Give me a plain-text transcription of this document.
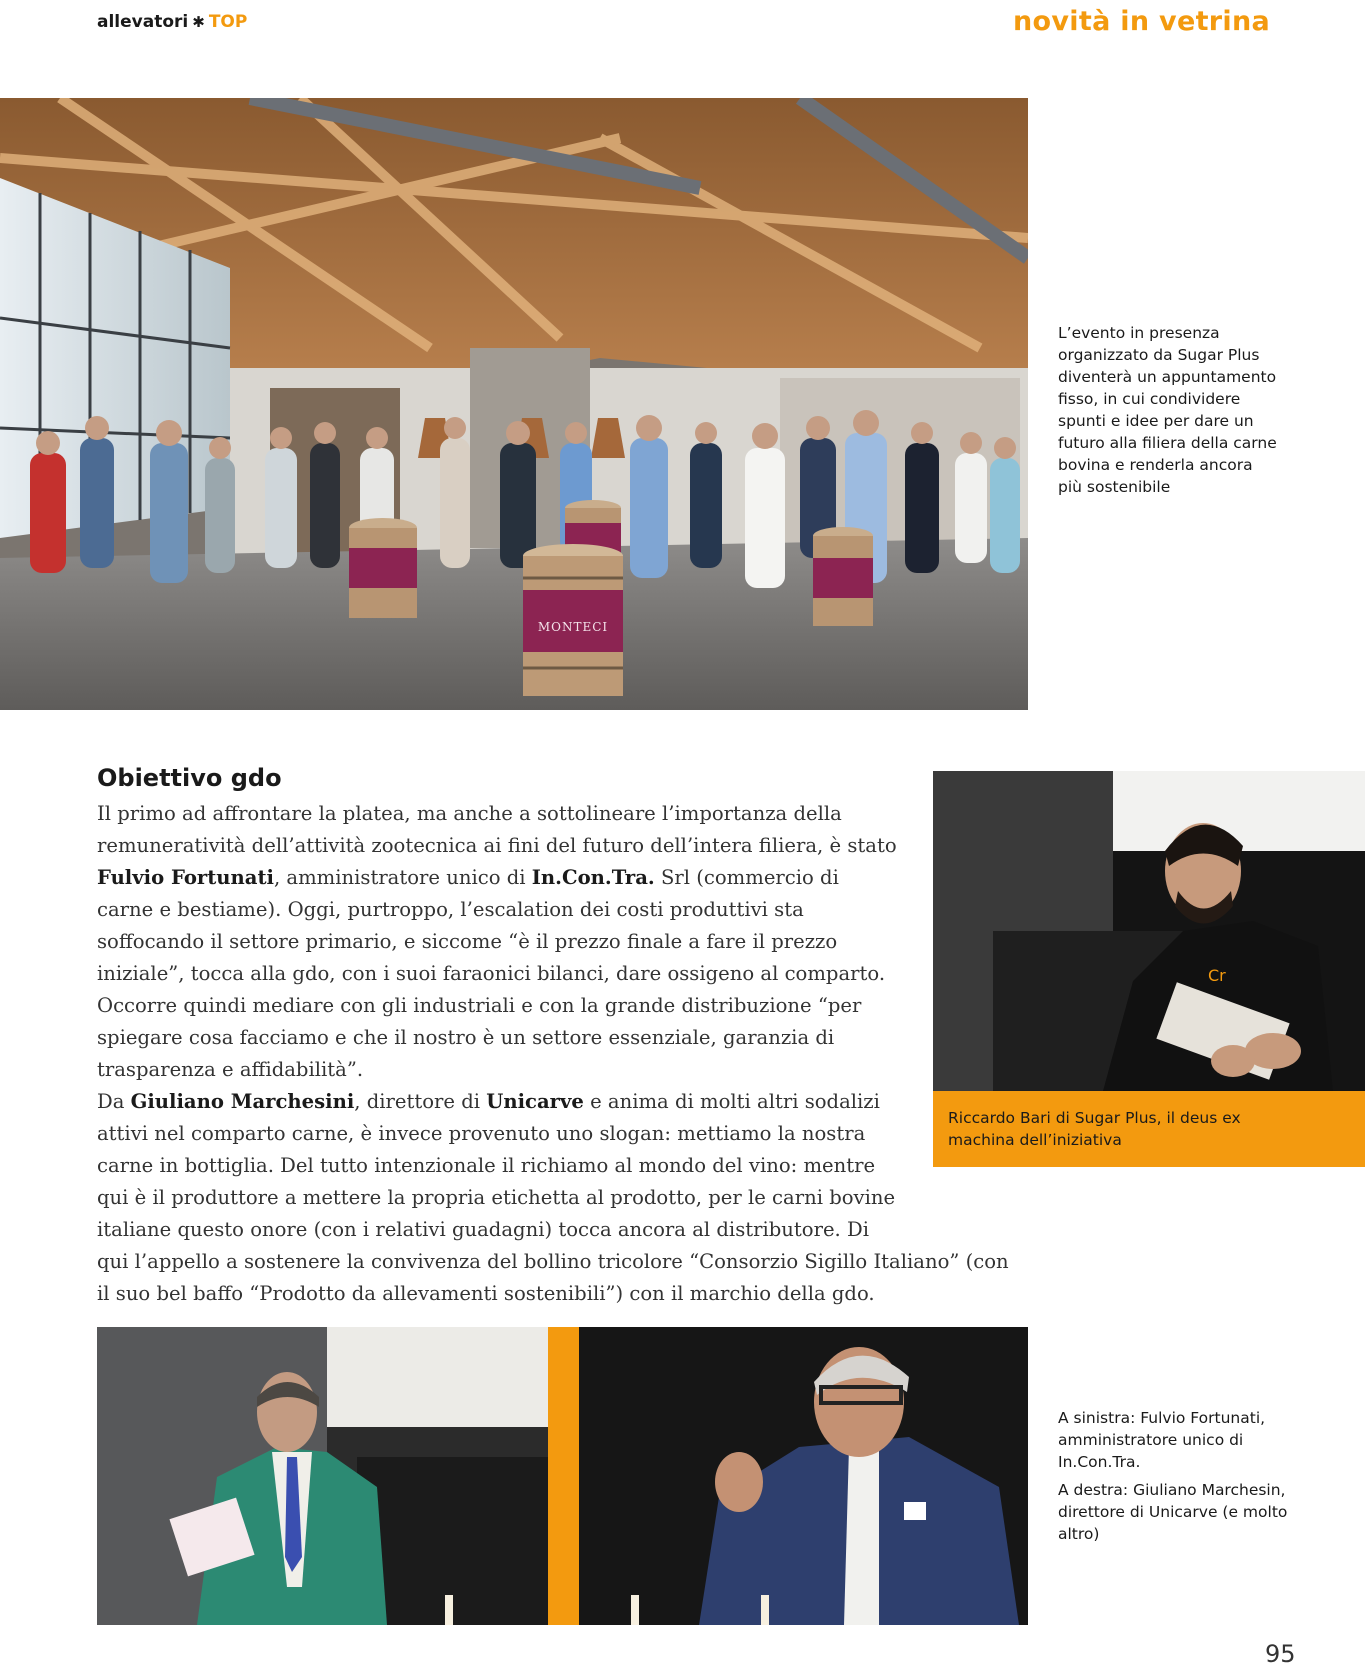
allevatori ✱ TOP	novità in vetrina
MONTECI
L’evento in presenza organizzato da Sugar Plus diventerà un appuntamento fisso, in cui condividere spunti e idee per dare un futuro alla filiera della carne bovina e renderla ancora più sostenibile
Obiettivo gdo
Il primo ad affrontare la platea, ma anche a sottolineare l’importanza della remuneratività dell’attività zootecnica ai fini del futuro dell’intera filiera, è stato Fulvio Fortunati, amministratore unico di In.Con.Tra. Srl (commercio di carne e bestiame). Oggi, purtroppo, l’escalation dei costi produttivi sta soffocando il settore primario, e siccome “è il prezzo finale a fare il prezzo iniziale”, tocca alla gdo, con i suoi faraonici bilanci, dare ossigeno al comparto. Occorre quindi mediare con gli industriali e con la grande distribuzione “per spiegare cosa facciamo e che il nostro è un settore essenziale, garanzia di trasparenza e affidabilità”.
Da Giuliano Marchesini, direttore di Unicarve e anima di molti altri sodalizi attivi nel comparto carne, è invece provenuto uno slogan: mettiamo la nostra carne in bottiglia. Del tutto intenzionale il richiamo al mondo del vino: mentre qui è il produttore a mettere la propria etichetta al prodotto, per le carni bovine italiane questo onore (con i relativi guadagni) tocca ancora al distributore. Di qui l’appello a sostenere la convivenza del bollino tricolore “Consorzio Sigillo Italiano” (con il suo bel baffo “Prodotto da allevamenti sostenibili”) con il marchio della gdo.
Cr
Riccardo Bari di Sugar Plus, il deus ex machina dell’iniziativa

A sinistra: Fulvio Fortunati, amministratore unico di In.Con.Tra.

A destra: Giuliano Marchesin, direttore di Unicarve (e molto altro)

95
